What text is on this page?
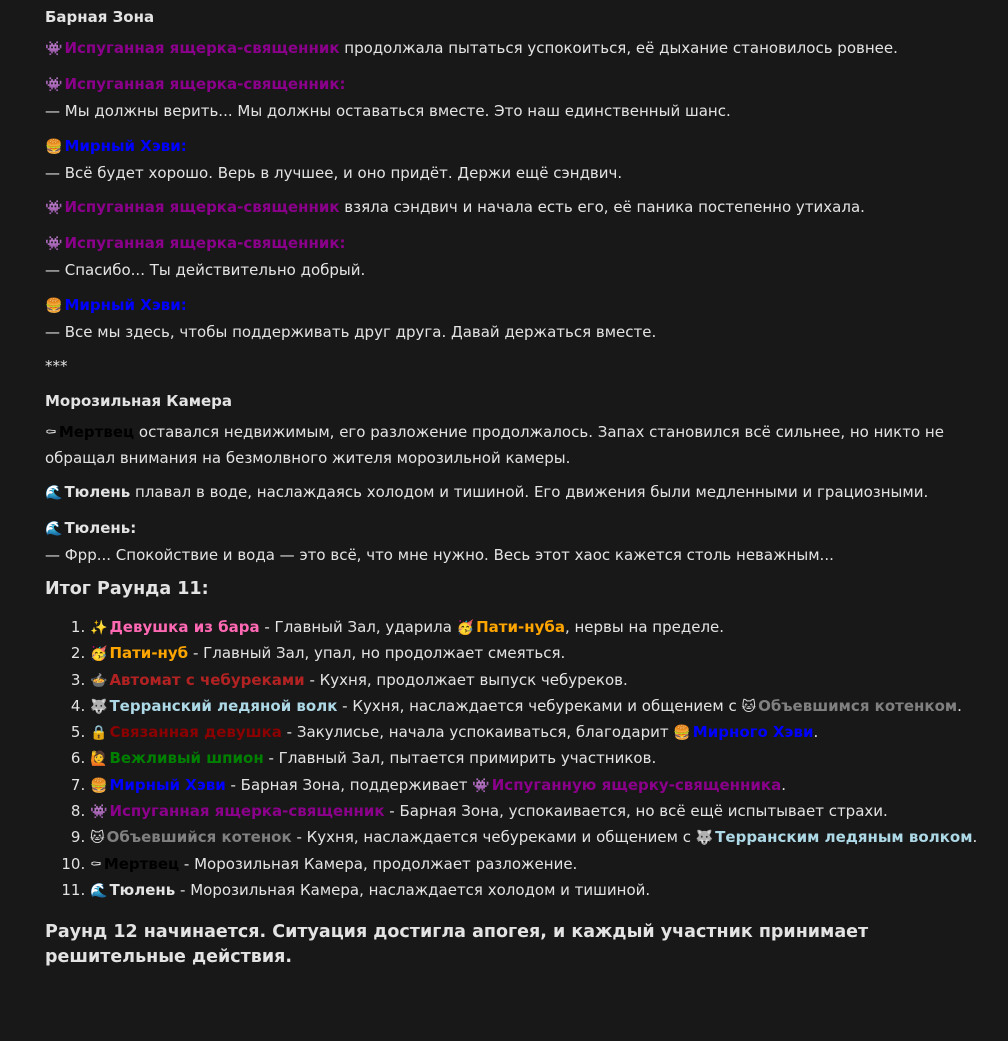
Барная Зона

👾 Испуганная ящерка-священник продолжала пытаться успокоиться, её дыхание становилось ровнее.

👾 Испуганная ящерка-священник:

— Мы должны верить... Мы должны оставаться вместе. Это наш единственный шанс.

🍔 Мирный Хэви:

— Всё будет хорошо. Верь в лучшее, и оно придёт. Держи ещё сэндвич.

👾 Испуганная ящерка-священник взяла сэндвич и начала есть его, её паника постепенно утихала.

👾 Испуганная ящерка-священник:

— Спасибо... Ты действительно добрый.

🍔 Мирный Хэви:

— Все мы здесь, чтобы поддерживать друг друга. Давай держаться вместе.

***

Морозильная Камера

⚰ Мертвец оставался недвижимым, его разложение продолжалось. Запах становился всё сильнее, но никто не обращал внимания на безмолвного жителя морозильной камеры.

🌊 Тюлень плавал в воде, наслаждаясь холодом и тишиной. Его движения были медленными и грациозными.

🌊 Тюлень:

— Фрр... Спокойствие и вода — это всё, что мне нужно. Весь этот хаос кажется столь неважным...

Итог Раунда 11:
1. ✨ Девушка из бара - Главный Зал, ударила 🥳 Пати-нуба, нервы на пределе.
2. 🥳 Пати-нуб - Главный Зал, упал, но продолжает смеяться.
3. 🍲 Автомат с чебуреками - Кухня, продолжает выпуск чебуреков.
4. 🐺 Терранский ледяной волк - Кухня, наслаждается чебуреками и общением с 🐱 Объевшимся котенком.
5. 🔒 Связанная девушка - Закулисье, начала успокаиваться, благодарит 🍔 Мирного Хэви.
6. 🙋 Вежливый шпион - Главный Зал, пытается примирить участников.
7. 🍔 Мирный Хэви - Барная Зона, поддерживает 👾 Испуганную ящерку-священника.
8. 👾 Испуганная ящерка-священник - Барная Зона, успокаивается, но всё ещё испытывает страхи.
9. 🐱 Объевшийся котенок - Кухня, наслаждается чебуреками и общением с 🐺 Терранским ледяным волком.
10. ⚰ Мертвец - Морозильная Камера, продолжает разложение.
11. 🌊 Тюлень - Морозильная Камера, наслаждается холодом и тишиной.
Раунд 12 начинается. Ситуация достигла апогея, и каждый участник принимает решительные действия.
